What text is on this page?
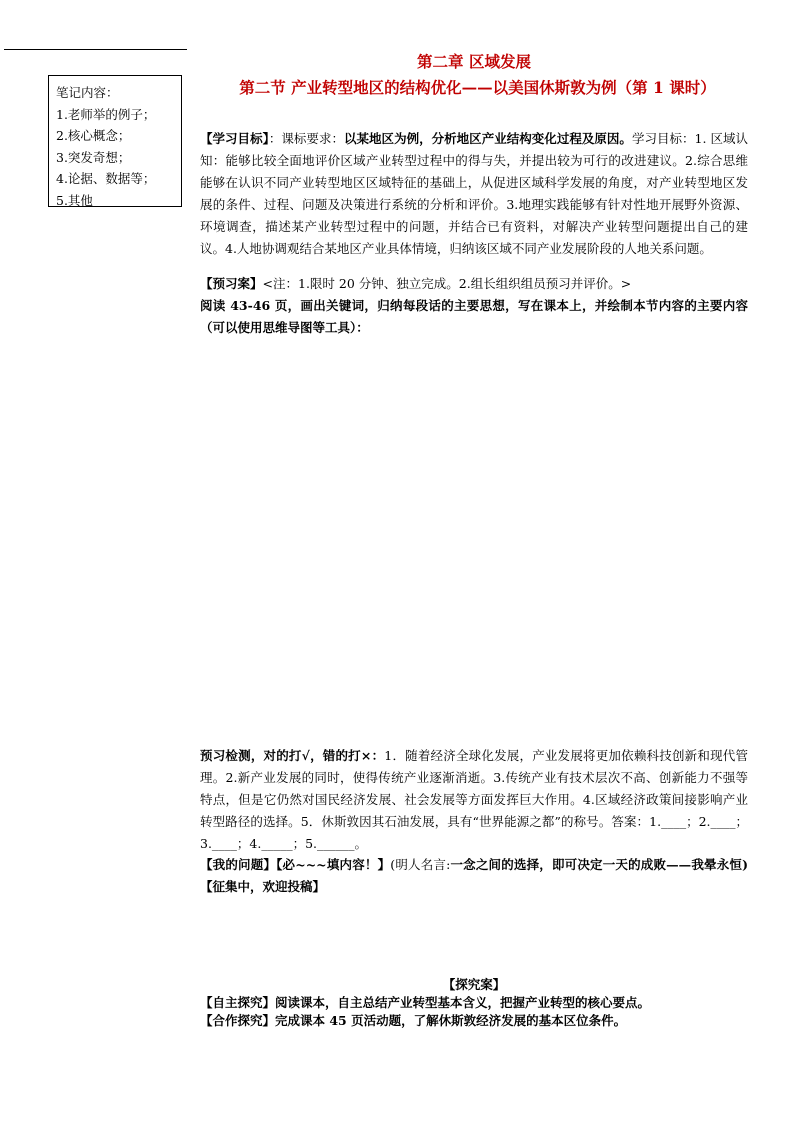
笔记内容：
1.老师举的例子；
2.核心概念；
3.突发奇想；
4.论据、数据等；
5.其他
第二章 区域发展
第二节 产业转型地区的结构优化——以美国休斯敦为例（第 1 课时）
【学习目标】：课标要求：以某地区为例，分析地区产业结构变化过程及原因。学习目标：1. 区域认知：能够比较全面地评价区域产业转型过程中的得与失，并提出较为可行的改进建议。2.综合思维能够在认识不同产业转型地区区域特征的基础上，从促进区域科学发展的角度，对产业转型地区发展的条件、过程、问题及决策进行系统的分析和评价。3.地理实践能够有针对性地开展野外资源、环境调查，描述某产业转型过程中的问题，并结合已有资料，对解决产业转型问题提出自己的建议。4.人地协调观结合某地区产业具体情境，归纳该区域不同产业发展阶段的人地关系问题。
【预习案】<注：1.限时 20 分钟、独立完成。2.组长组织组员预习并评价。>
阅读 43-46 页，画出关键词，归纳每段话的主要思想，写在课本上，并绘制本节内容的主要内容（可以使用思维导图等工具）：
预习检测，对的打√，错的打×：1．随着经济全球化发展，产业发展将更加依赖科技创新和现代管理。2.新产业发展的同时，使得传统产业逐渐消逝。3.传统产业有技术层次不高、创新能力不强等特点，但是它仍然对国民经济发展、社会发展等方面发挥巨大作用。4.区域经济政策间接影响产业转型路径的选择。5．休斯敦因其石油发展，具有“世界能源之都”的称号。答案：1.____；2.____；3.____；4._____；5.______。
【我的问题】【必~~~填内容！】(明人名言:一念之间的选择，即可决定一天的成败——我晕永恒)【征集中，欢迎投稿】
【探究案】
【自主探究】阅读课本，自主总结产业转型基本含义，把握产业转型的核心要点。
【合作探究】完成课本 45 页活动题，了解休斯敦经济发展的基本区位条件。
